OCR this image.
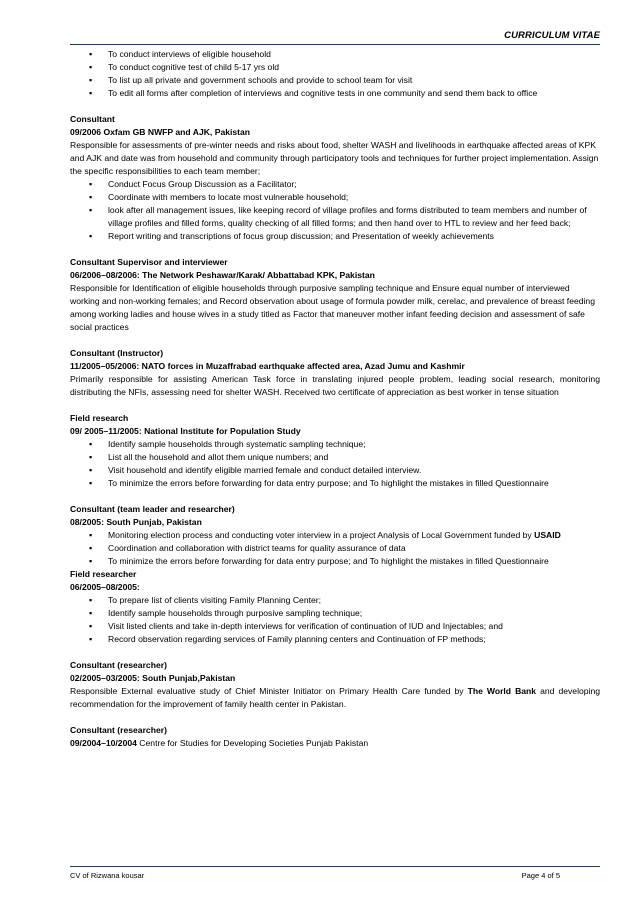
CURRICULUM VITAE
▪ To conduct interviews of eligible household
▪ To conduct cognitive test of child 5-17 yrs old
▪ To list up all private and government schools and provide to school team for visit
▪ To edit all forms after completion of interviews and cognitive tests in one community and send them back to office

Consultant

09/2006 Oxfam GB NWFP and AJK, Pakistan

Responsible for assessments of pre-winter needs and risks about food, shelter WASH and livelihoods in earthquake affected areas of KPK and AJK and date was from household and community through participatory tools and techniques for further project implementation. Assign the specific responsibilities to each team member;

▪ Conduct Focus Group Discussion as a Facilitator;
▪ Coordinate with members to locate most vulnerable household;
▪ look after all management issues, like keeping record of village profiles and forms distributed to team members and number of village profiles and filled forms, quality checking of all filled forms; and then hand over to HTL to review and her feed back;
▪ Report writing and transcriptions of focus group discussion; and Presentation of weekly achievements

Consultant Supervisor and interviewer

06/2006–08/2006: The Network Peshawar/Karak/ Abbattabad KPK, Pakistan

Responsible for Identification of eligible households through purposive sampling technique and Ensure equal number of interviewed working and non-working females; and Record observation about usage of formula powder milk, cerelac, and prevalence of breast feeding among working ladies and house wives in a study titled as Factor that maneuver mother infant feeding decision and assessment of safe social practices

Consultant (Instructor)

11/2005–05/2006: NATO forces in Muzaffrabad earthquake affected area, Azad Jumu and Kashmir

Primarily responsible for assisting American Task force in translating injured people problem, leading social research, monitoring distributing the NFIs, assessing need for shelter WASH. Received two certificate of appreciation as best worker in tense situation

Field research

09/ 2005–11/2005: National Institute for Population Study

▪ Identify sample households through systematic sampling technique;
▪ List all the household and allot them unique numbers; and
▪ Visit household and identify eligible married female and conduct detailed interview.
▪ To minimize the errors before forwarding for data entry purpose; and To highlight the mistakes in filled Questionnaire

Consultant (team leader and researcher)

08/2005: South Punjab, Pakistan

▪ Monitoring election process and conducting voter interview in a project Analysis of Local Government funded by USAID
▪ Coordination and collaboration with district teams for quality assurance of data
▪ To minimize the errors before forwarding for data entry purpose; and To highlight the mistakes in filled Questionnaire

Field researcher

06/2005–08/2005:

▪ To prepare list of clients visiting Family Planning Center;
▪ Identify sample households through purposive sampling technique;
▪ Visit listed clients and take in-depth interviews for verification of continuation of IUD and Injectables; and
▪ Record observation regarding services of Family planning centers and Continuation of FP methods;

Consultant (researcher)

02/2005–03/2005: South Punjab,Pakistan

Responsible External evaluative study of Chief Minister Initiator on Primary Health Care funded by The World Bank and developing recommendation for the improvement of family health center in Pakistan.

Consultant (researcher)

09/2004–10/2004 Centre for Studies for Developing Societies Punjab Pakistan

CV of Rizwana kousar	Page 4 of 5
